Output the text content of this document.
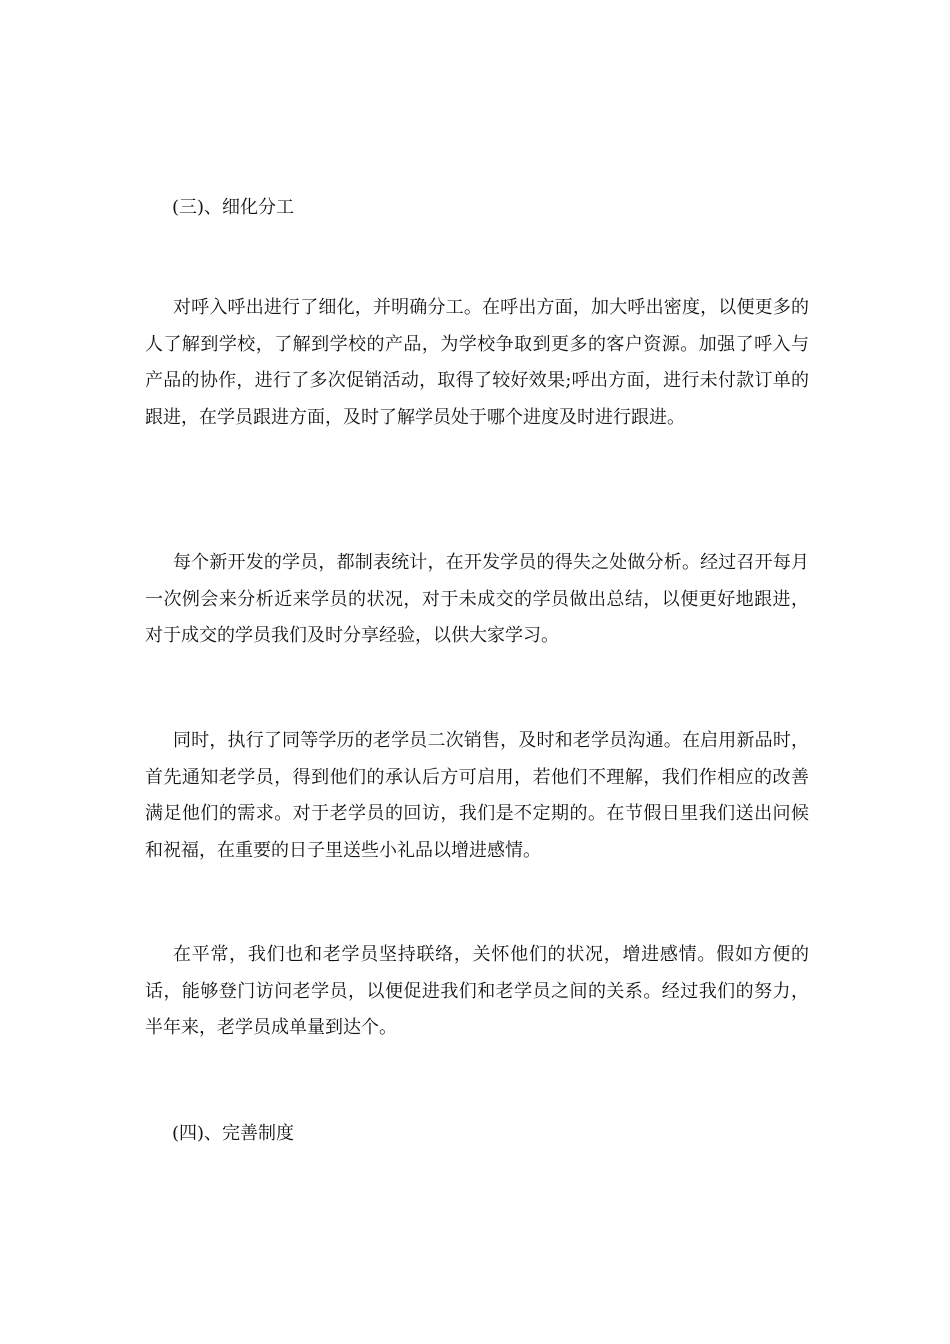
(三)、细化分工

对呼入呼出进行了细化，并明确分工。在呼出方面，加大呼出密度，以便更多的人了解到学校，了解到学校的产品，为学校争取到更多的客户资源。加强了呼入与产品的协作，进行了多次促销活动，取得了较好效果;呼出方面，进行未付款订单的跟进，在学员跟进方面，及时了解学员处于哪个进度及时进行跟进。

每个新开发的学员，都制表统计，在开发学员的得失之处做分析。经过召开每月一次例会来分析近来学员的状况，对于未成交的学员做出总结，以便更好地跟进，对于成交的学员我们及时分享经验，以供大家学习。

同时，执行了同等学历的老学员二次销售，及时和老学员沟通。在启用新品时，首先通知老学员，得到他们的承认后方可启用，若他们不理解，我们作相应的改善满足他们的需求。对于老学员的回访，我们是不定期的。在节假日里我们送出问候和祝福，在重要的日子里送些小礼品以增进感情。

在平常，我们也和老学员坚持联络，关怀他们的状况，增进感情。假如方便的话，能够登门访问老学员，以便促进我们和老学员之间的关系。经过我们的努力，半年来，老学员成单量到达个。

(四)、完善制度
